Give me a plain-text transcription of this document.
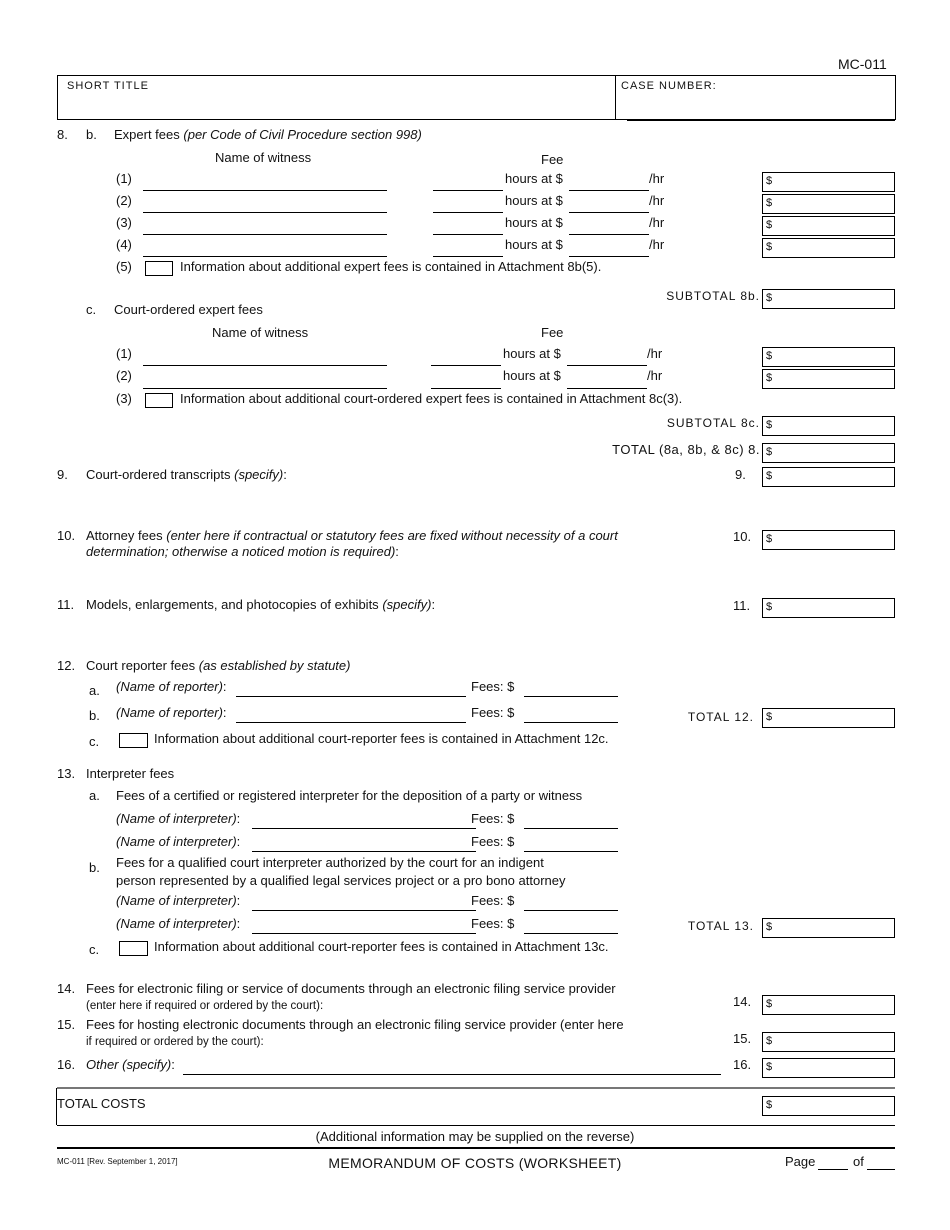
MC-011
SHORT TITLE	CASE NUMBER:
8. b. Expert fees (per Code of Civil Procedure section 998)
Name of witness	Fee
(1)	hours at $	/hr	$
(2)	hours at $	/hr	$
(3)	hours at $	/hr	$
(4)	hours at $	/hr	$
(5)	Information about additional expert fees is contained in Attachment 8b(5).
SUBTOTAL 8b. $
c. Court-ordered expert fees
Name of witness	Fee
(1)	hours at $	/hr	$
(2)	hours at $	/hr	$
(3)	Information about additional court-ordered expert fees is contained in Attachment 8c(3).
SUBTOTAL 8c. $
TOTAL (8a, 8b, & 8c) 8. $
9. Court-ordered transcripts (specify):	9. $
10. Attorney fees (enter here if contractual or statutory fees are fixed without necessity of a court
determination; otherwise a noticed motion is required):
10. $
11. Models, enlargements, and photocopies of exhibits (specify):	11. $
12. Court reporter fees (as established by statute)
a. (Name of reporter):	Fees: $
b. (Name of reporter):	Fees: $	TOTAL 12. $
c.	Information about additional court-reporter fees is contained in Attachment 12c.
13. Interpreter fees
a. Fees of a certified or registered interpreter for the deposition of a party or witness
(Name of interpreter):	Fees: $
(Name of interpreter):	Fees: $
b. Fees for a qualified court interpreter authorized by the court for an indigent
person represented by a qualified legal services project or a pro bono attorney
(Name of interpreter):	Fees: $
(Name of interpreter):	Fees: $	TOTAL 13. $
c.	Information about additional court-reporter fees is contained in Attachment 13c.
14. Fees for electronic filing or service of documents through an electronic filing service provider
(enter here if required or ordered by the court):	14. $
15. Fees for hosting electronic documents through an electronic filing service provider (enter here
if required or ordered by the court):	15. $
16. Other (specify):	16. $
TOTAL COSTS	$
(Additional information may be supplied on the reverse)
MC-011 [Rev. September 1, 2017]	MEMORANDUM OF COSTS (WORKSHEET)	Page	of
